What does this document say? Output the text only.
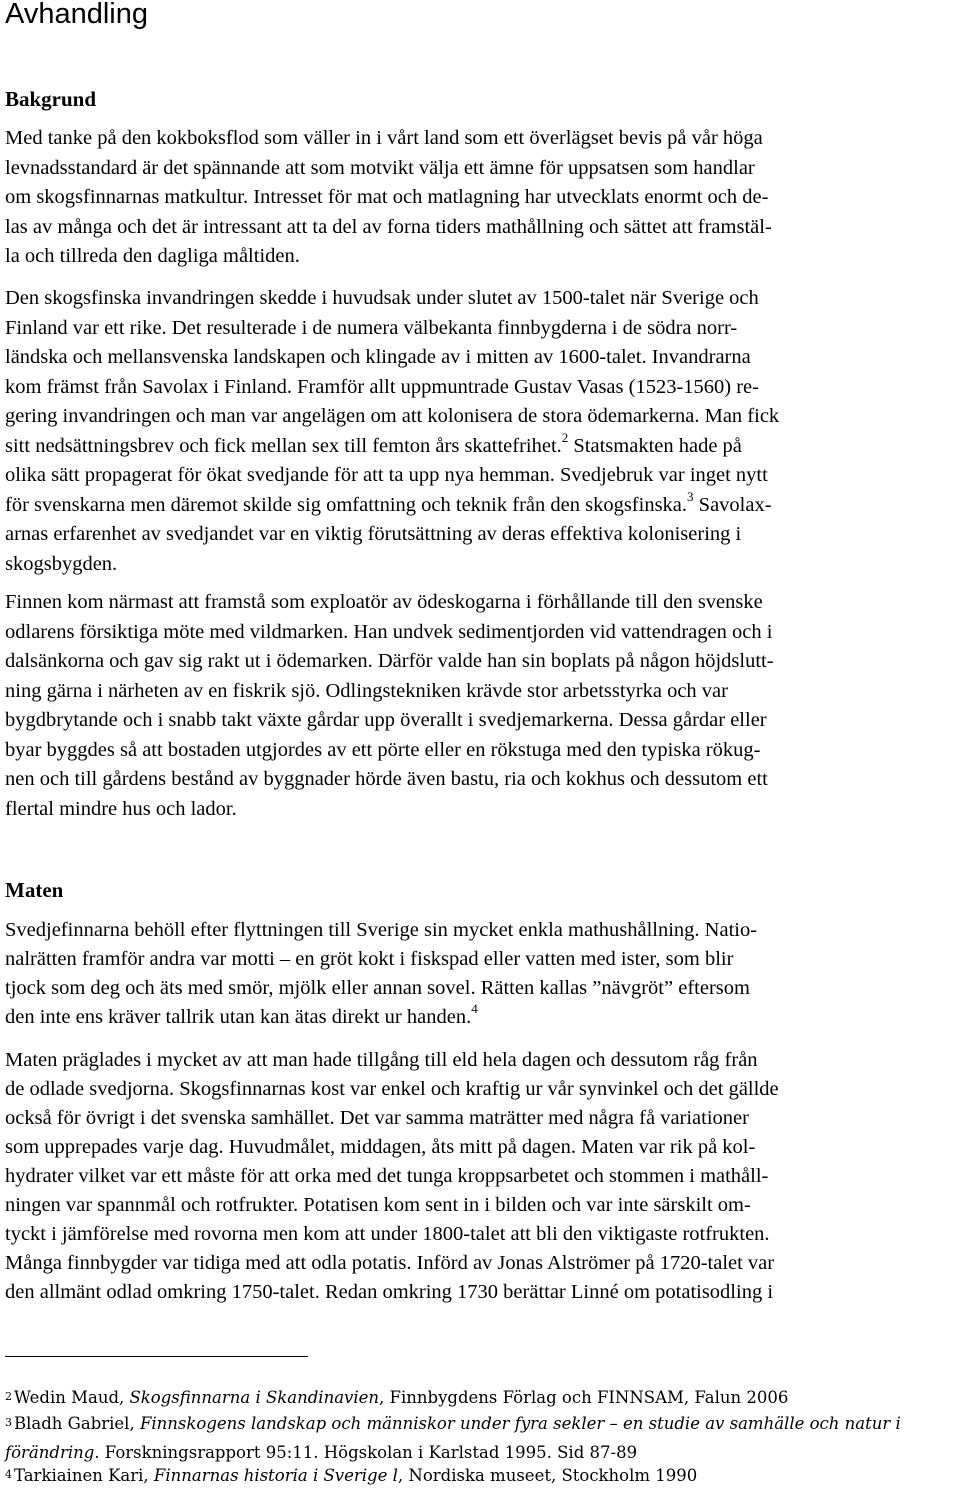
Avhandling
Bakgrund
Med tanke på den kokboksflod som väller in i vårt land som ett överlägset bevis på vår höga
levnadsstandard är det spännande att som motvikt välja ett ämne för uppsatsen som handlar
om skogsfinnarnas matkultur. Intresset för mat och matlagning har utvecklats enormt och de-
las av många och det är intressant att ta del av forna tiders mathållning och sättet att framstäl-
la och tillreda den dagliga måltiden.
Den skogsfinska invandringen skedde i huvudsak under slutet av 1500-talet när Sverige och
Finland var ett rike. Det resulterade i de numera välbekanta finnbygderna i de södra norr-
ländska och mellansvenska landskapen och klingade av i mitten av 1600-talet. Invandrarna
kom främst från Savolax i Finland. Framför allt uppmuntrade Gustav Vasas (1523-1560) re-
gering invandringen och man var angelägen om att kolonisera de stora ödemarkerna. Man fick
sitt nedsättningsbrev och fick mellan sex till femton års skattefrihet.$^2$ Statsmakten hade på
olika sätt propagerat för ökat svedjande för att ta upp nya hemman. Svedjebruk var inget nytt
för svenskarna men däremot skilde sig omfattning och teknik från den skogsfinska.$^3$ Savolax-
arnas erfarenhet av svedjandet var en viktig förutsättning av deras effektiva kolonisering i
skogsbygden.
Finnen kom närmast att framstå som exploatör av ödeskogarna i förhållande till den svenske
odlarens försiktiga möte med vildmarken. Han undvek sedimentjorden vid vattendragen och i
dalsänkorna och gav sig rakt ut i ödemarken. Därför valde han sin boplats på någon höjdslutt-
ning gärna i närheten av en fiskrik sjö. Odlingstekniken krävde stor arbetsstyrka och var
bygdbrytande och i snabb takt växte gårdar upp överallt i svedjemarkerna. Dessa gårdar eller
byar byggdes så att bostaden utgjordes av ett pörte eller en rökstuga med den typiska rökug-
nen och till gårdens bestånd av byggnader hörde även bastu, ria och kokhus och dessutom ett
flertal mindre hus och lador.
Maten
Svedjefinnarna behöll efter flyttningen till Sverige sin mycket enkla mathushållning. Natio-
nalrätten framför andra var motti – en gröt kokt i fiskspad eller vatten med ister, som blir
tjock som deg och äts med smör, mjölk eller annan sovel. Rätten kallas ”nävgröt” eftersom
den inte ens kräver tallrik utan kan ätas direkt ur handen.$^4$
Maten präglades i mycket av att man hade tillgång till eld hela dagen och dessutom råg från
de odlade svedjorna. Skogsfinnarnas kost var enkel och kraftig ur vår synvinkel och det gällde
också för övrigt i det svenska samhället. Det var samma maträtter med några få variationer
som upprepades varje dag. Huvudmålet, middagen, åts mitt på dagen. Maten var rik på kol-
hydrater vilket var ett måste för att orka med det tunga kroppsarbetet och stommen i mathåll-
ningen var spannmål och rotfrukter. Potatisen kom sent in i bilden och var inte särskilt om-
tyckt i jämförelse med rovorna men kom att under 1800-talet att bli den viktigaste rotfrukten.
Många finnbygder var tidiga med att odla potatis. Införd av Jonas Alströmer på 1720-talet var
den allmänt odlad omkring 1750-talet. Redan omkring 1730 berättar Linné om potatisodling i
2 Wedin Maud, Skogsfinnarna i Skandinavien, Finnbygdens Förlag och FINNSAM, Falun 2006
3 Bladh Gabriel, Finnskogens landskap och människor under fyra sekler – en studie av samhälle och natur i
förändring. Forskningsrapport 95:11. Högskolan i Karlstad 1995. Sid 87-89
4 Tarkiainen Kari, Finnarnas historia i Sverige l, Nordiska museet, Stockholm 1990
